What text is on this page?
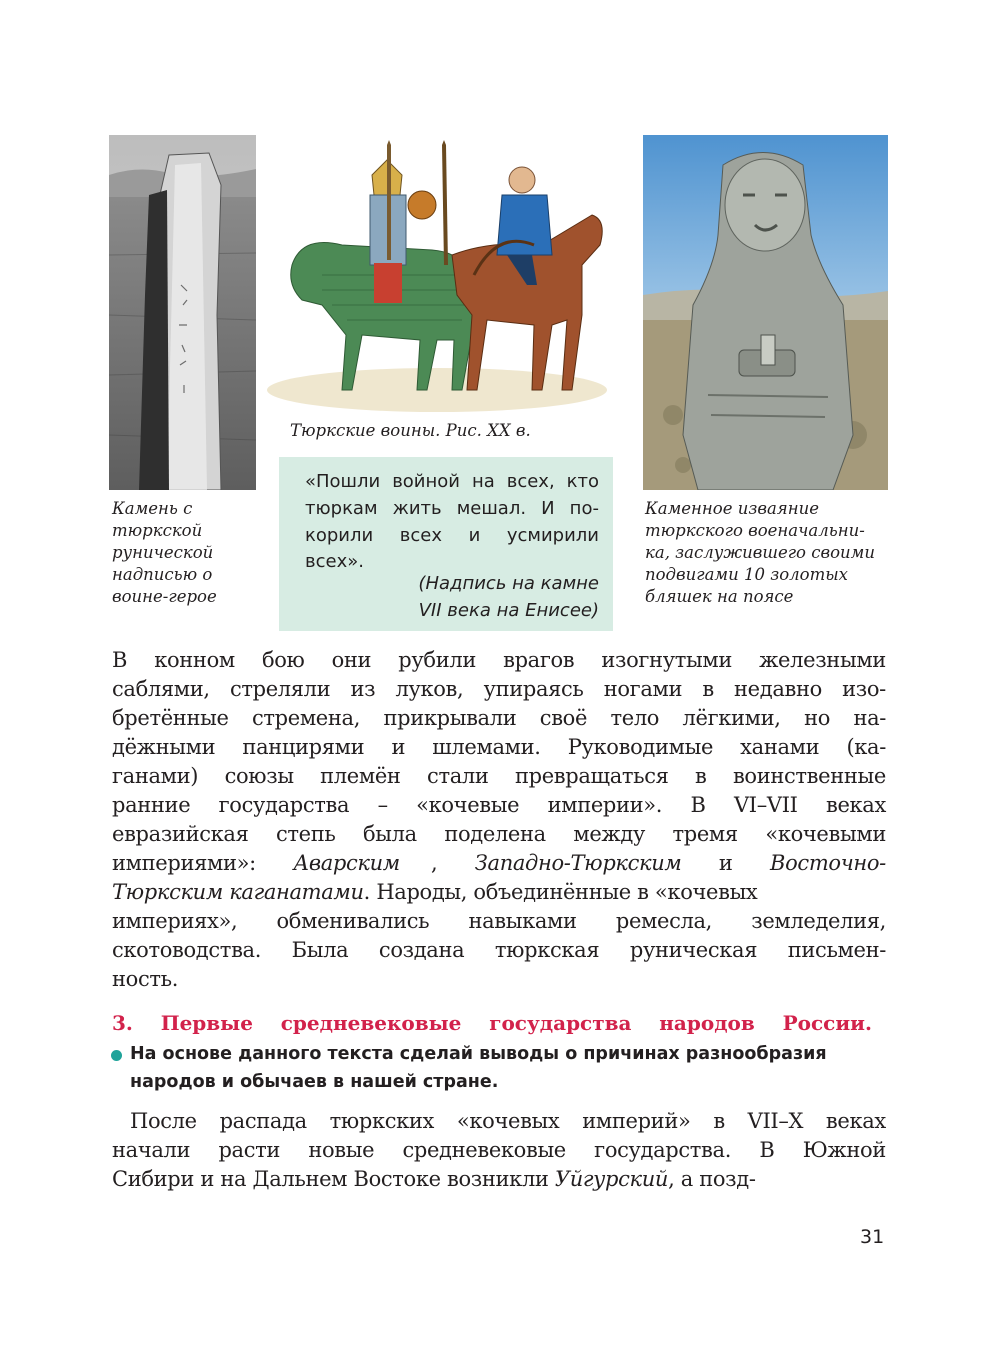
Камень с
тюркской
рунической
надписью о
воине-герое

Тюркские воины. Рис. XX в.

Каменное изваяние
тюркского военачальни-
ка, заслужившего своими
подвигами 10 золотых
бляшек на поясе

«Пошли войной на всех, кто
тюркам жить мешал. И по-
корили всех и усмирили
всех».
(Надпись на камне
VII века на Енисее)
В конном бою они рубили врагов изогнутыми железными
саблями, стреляли из луков, упираясь ногами в недавно изо-
бретённые стремена, прикрывали своё тело лёгкими, но на-
дёжными панцирями и шлемами. Руководимые ханами (ка-
ганами) союзы племён стали превращаться в воинственные
ранние государства – «кочевые империи». В VI–VII веках
евразийская степь была поделена между тремя «кочевыми
империями»: Аварским , Западно-Тюркским и Восточно-
Тюркским каганатами. Народы, объединённые в «кочевых
империях», обменивались навыками ремесла, земледелия,
скотоводства. Была создана тюркская руническая письмен-
ность.
3. Первые средневековые государства народов России.
На основе данного текста сделай выводы о причинах разнообразия
народов и обычаев в нашей стране.
После распада тюркских «кочевых империй» в VII–X веках
начали расти новые средневековые государства. В Южной
Сибири и на Дальнем Востоке возникли Уйгурский, а позд-
31
